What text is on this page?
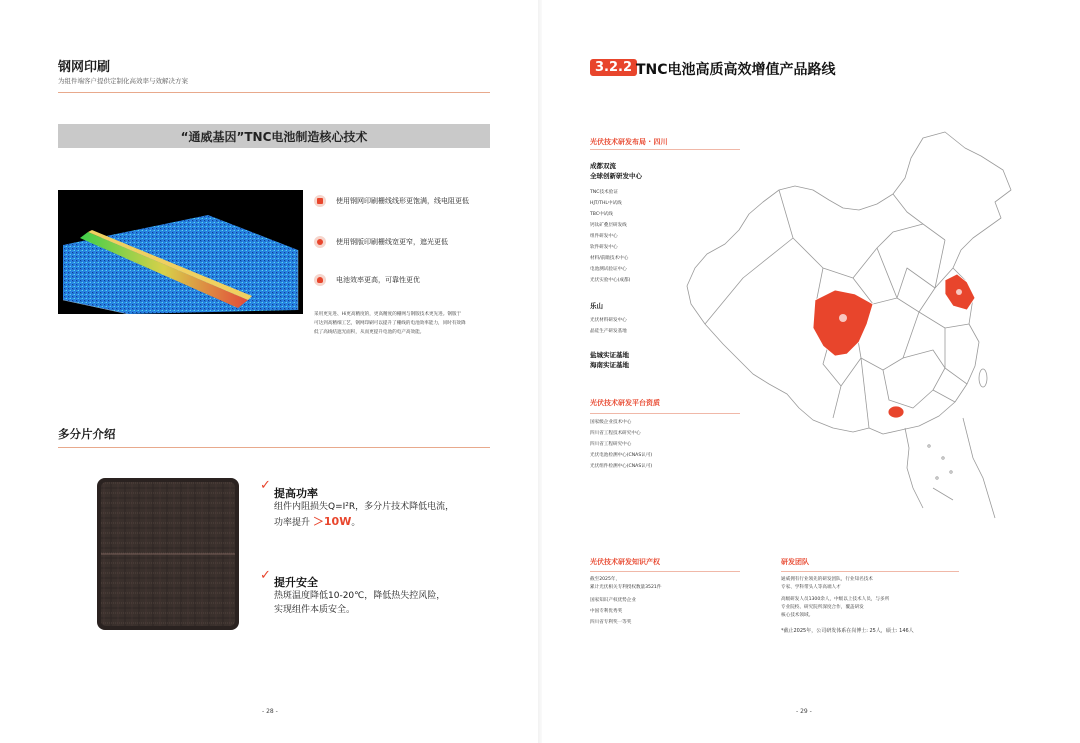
钢网印刷
为组件端客户提供定制化高效率与效解决方案
“通威基因”TNC电池制造核心技术
使用钢网印刷栅线线形更饱满，线电阻更低
使用钢版印刷栅线宽更窄，遮光更低
电池效率更高，可靠性更优
采用更先进、Hi更高精度的，更高精度的栅网与钢版技术更先进。钢版于
可达到高精细工艺，钢网印刷可以提升了栅线的电池效率能力，同时有效降
低了高线结遮光面积，从而更提升电池的电产高效能。
多分片介绍
✓
提高功率
组件内阻损失Q=I²R，多分片技术降低电流，
功率提升 ＞10W。
✓ 提升安全
热斑温度降低10-20℃，降低热失控风险，
实现组件本质安全。
- 28 -
3.2.2 TNC电池高质高效增值产品路线
光伏技术研发布局 · 四川
成都双流
全球创新研发中心
TNC技术验证
HJT/THL中试线
TBC中试线
钙钛矿叠层研发线
组件研发中心
软件研发中心
材料/前瞻技术中心
电池测试验证中心
光伏实验中心(成都)
乐山
光伏材料研发中心
晶硅生产研发基地
盐城实证基地
海南实证基地
光伏技术研发平台资质
国家级企业技术中心
四川省工程技术研究中心
四川省工程研究中心
光伏电池检测中心(CNAS认可)
光伏组件检测中心(CNAS认可)
光伏技术研发知识产权
截至2025年，
累计光伏相关专利授权数量3521件
国家知识产权优势企业
中国专利优秀奖
四川省专利奖一等奖
研发团队
通威拥有行业领先的研发团队，行业知名技术
专家、学科带头人等高端人才
高级研发人员1300余人，中级以上技术人员，与多所
专业院校、研究院所深度合作，覆盖研发
核心技术领域。
*截止2025年，公司研发体系在岗博士: 25人，硕士: 146人
- 29 -
